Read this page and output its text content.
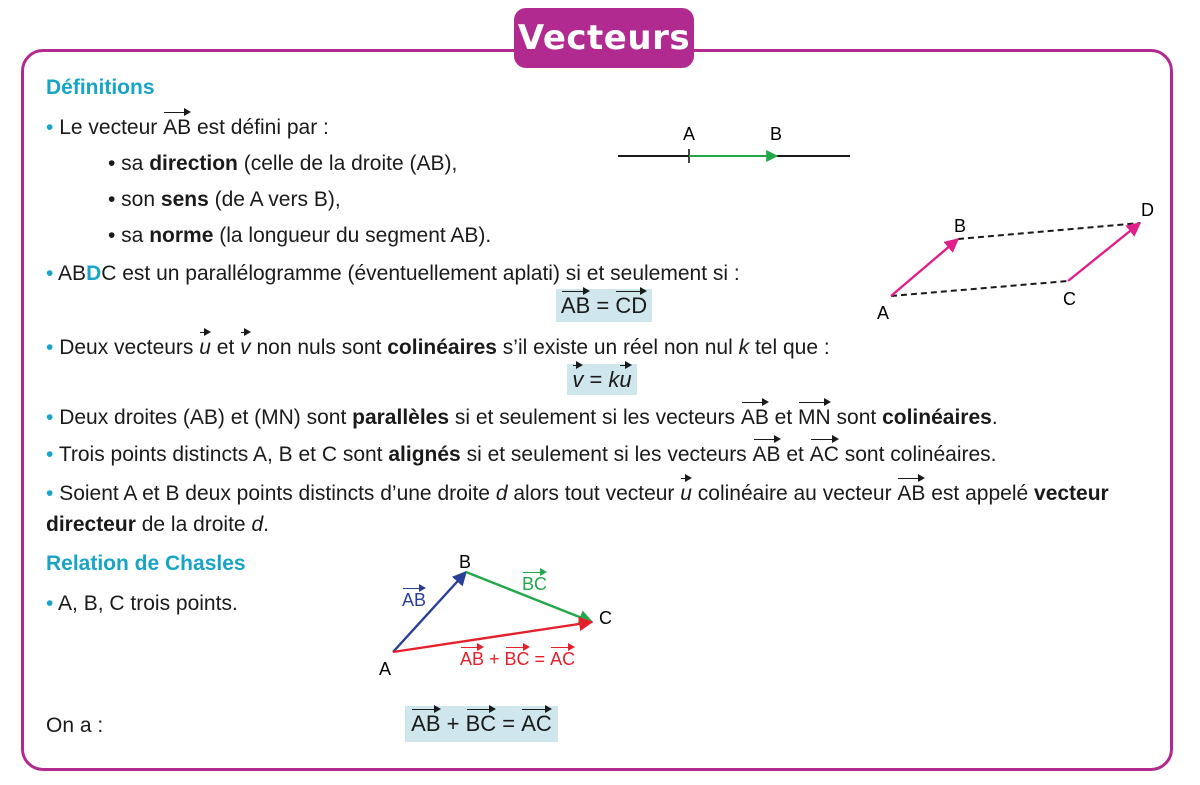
Vecteurs
Définitions
• Le vecteur AB est défini par :
• sa direction (celle de la droite (AB),
• son sens (de A vers B),
• sa norme (la longueur du segment AB).
• ABDC est un parallélogramme (éventuellement aplati) si et seulement si :
AB = CD
• Deux vecteurs u et v non nuls sont colinéaires s’il existe un réel non nul k tel que :
v = k u
• Deux droites (AB) et (MN) sont parallèles si et seulement si les vecteurs AB et MN sont colinéaires.
• Trois points distincts A, B et C sont alignés si et seulement si les vecteurs AB et AC sont colinéaires.
• Soient A et B deux points distincts d’une droite d alors tout vecteur u colinéaire au vecteur AB est appelé vecteur
directeur de la droite d.
Relation de Chasles
• A, B, C trois points.
On a :	AB + BC = AC
A	B
A
B
C
D
A
B
C
AB
BC
AB + BC = AC
